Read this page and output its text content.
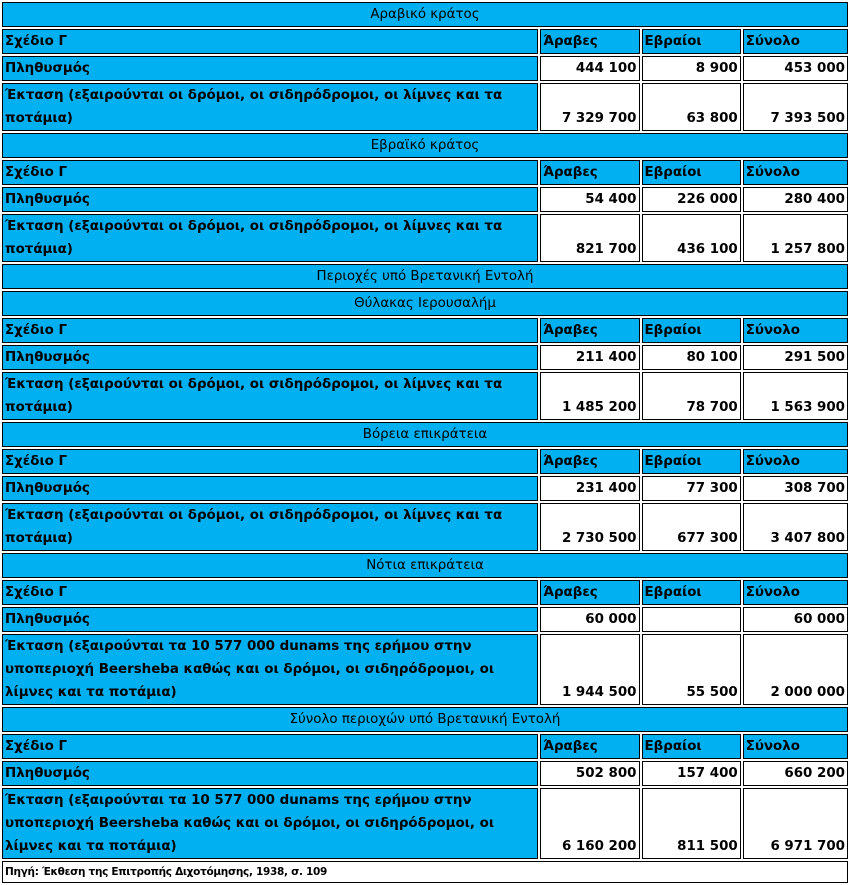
Αραβικό κράτος			
Σχέδιο Γ	Άραβες	Εβραίοι	Σύνολο
Πληθυσμός	444 100	8 900	453 000
Έκταση (εξαιρούνται οι δρόμοι, οι σιδηρόδρομοι, οι λίμνες και τα ποτάμια)	7 329 700	63 800	7 393 500
Εβραϊκό κράτος			
Σχέδιο Γ	Άραβες	Εβραίοι	Σύνολο
Πληθυσμός	54 400	226 000	280 400
Έκταση (εξαιρούνται οι δρόμοι, οι σιδηρόδρομοι, οι λίμνες και τα ποτάμια)	821 700	436 100	1 257 800
Περιοχές υπό Βρετανική Εντολή			
Θύλακας Ιερουσαλήμ			
Σχέδιο Γ	Άραβες	Εβραίοι	Σύνολο
Πληθυσμός	211 400	80 100	291 500
Έκταση (εξαιρούνται οι δρόμοι, οι σιδηρόδρομοι, οι λίμνες και τα ποτάμια)	1 485 200	78 700	1 563 900
Βόρεια επικράτεια			
Σχέδιο Γ	Άραβες	Εβραίοι	Σύνολο
Πληθυσμός	231 400	77 300	308 700
Έκταση (εξαιρούνται οι δρόμοι, οι σιδηρόδρομοι, οι λίμνες και τα ποτάμια)	2 730 500	677 300	3 407 800
Νότια επικράτεια			
Σχέδιο Γ	Άραβες	Εβραίοι	Σύνολο
Πληθυσμός	60 000		60 000
Έκταση (εξαιρούνται τα 10 577 000 dunams της ερήμου στην υποπεριοχή Beersheba καθώς και οι δρόμοι, οι σιδηρόδρομοι, οι λίμνες και τα ποτάμια)	1 944 500	55 500	2 000 000
Σύνολο περιοχών υπό Βρετανική Εντολή			
Σχέδιο Γ	Άραβες	Εβραίοι	Σύνολο
Πληθυσμός	502 800	157 400	660 200
Έκταση (εξαιρούνται τα 10 577 000 dunams της ερήμου στην υποπεριοχή Beersheba καθώς και οι δρόμοι, οι σιδηρόδρομοι, οι λίμνες και τα ποτάμια)	6 160 200	811 500	6 971 700
Πηγή: Έκθεση της Επιτροπής Διχοτόμησης, 1938, σ. 109			
